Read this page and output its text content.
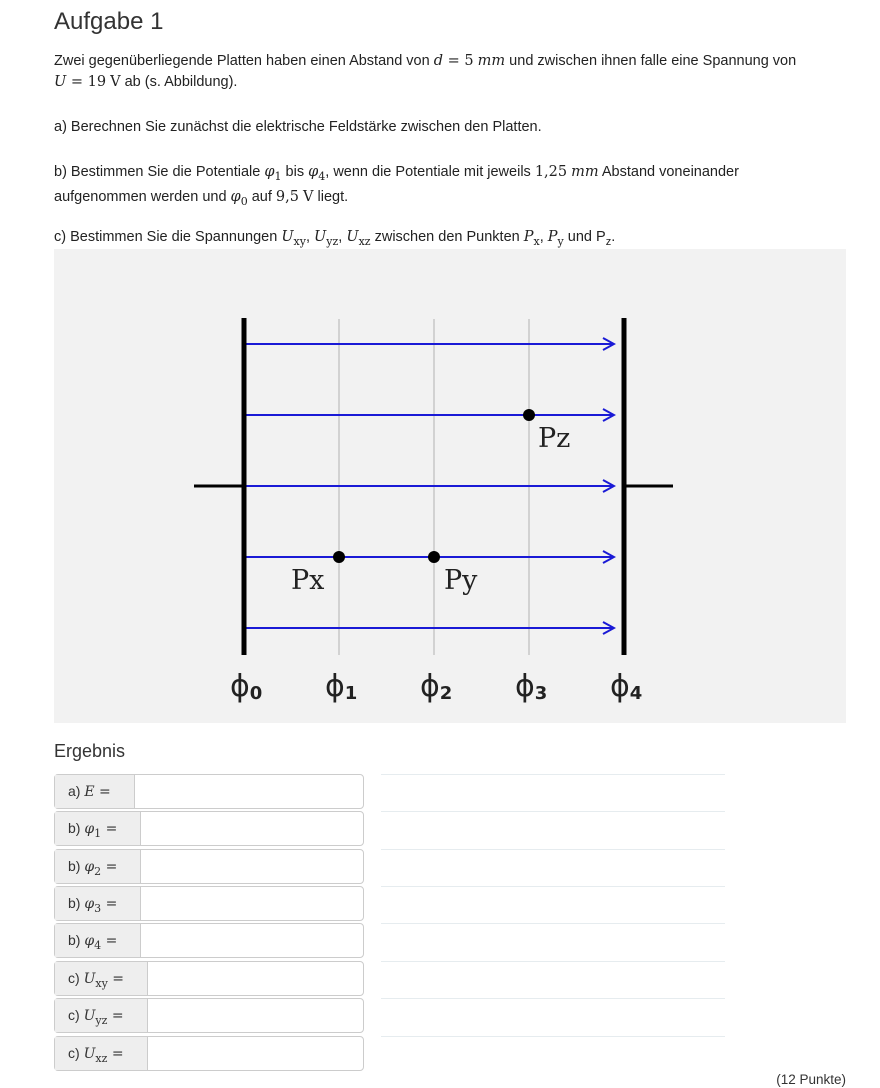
Aufgabe 1

Zwei gegenüberliegende Platten haben einen Abstand von d = 5 mm und zwischen ihnen falle eine Spannung von
U = 19 V ab (s. Abbildung).

a) Berechnen Sie zunächst die elektrische Feldstärke zwischen den Platten.

b) Bestimmen Sie die Potentiale $\varphi_1$ bis $\varphi_4$, wenn die Potentiale mit jeweils 1,25 mm Abstand voneinander
aufgenommen werden und $\varphi_0$ auf 9,5 V liegt.

c) Bestimmen Sie die Spannungen $U_{xy}$, $U_{yz}$, $U_{xz}$ zwischen den Punkten $P_x$, $P_y$ und $P_z$.

Pz
Px	Py
ϕ0 ϕ1 ϕ2 ϕ3 ϕ4
Ergebnis
a) E =
b) $\varphi_1$ =
b) $\varphi_2$ =
b) $\varphi_3$ =
b) $\varphi_4$ =
c) $U_{xy}$ =
c) $U_{yz}$ =
c) $U_{xz}$ =
(12 Punkte)
